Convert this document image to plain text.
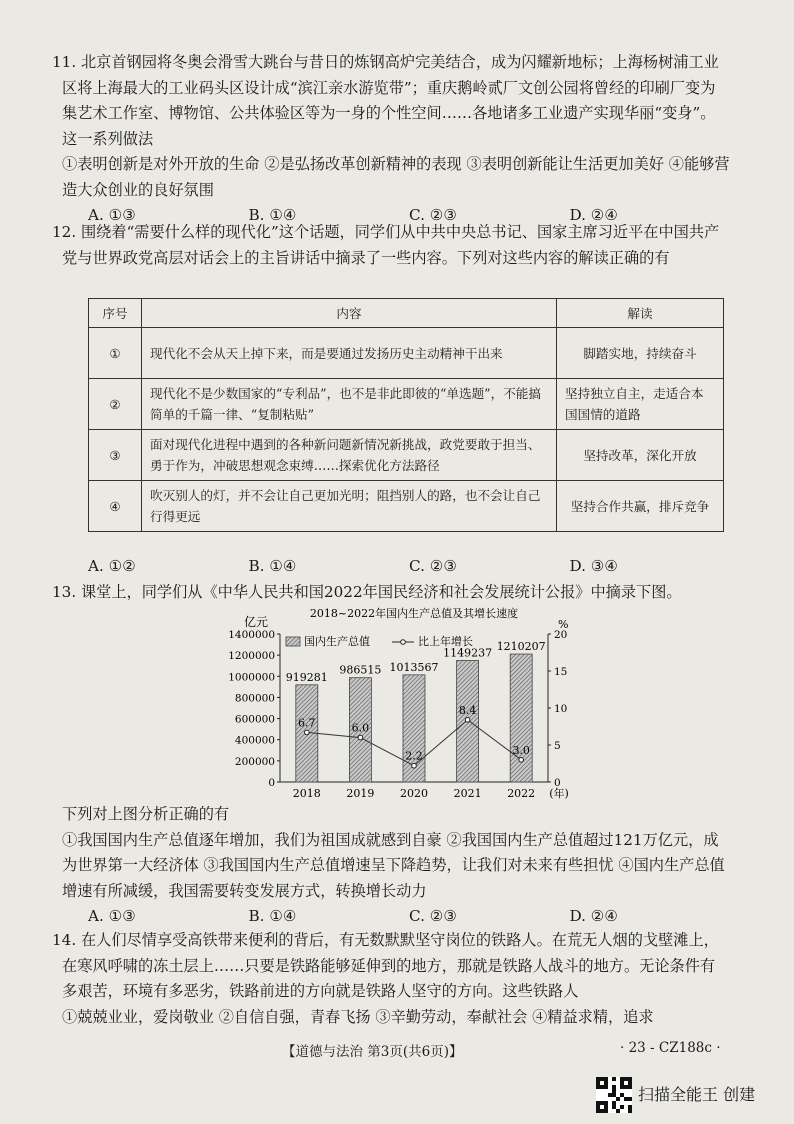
11. 北京首钢园将冬奥会滑雪大跳台与昔日的炼钢高炉完美结合，成为闪耀新地标；上海杨树浦工业区将上海最大的工业码头区设计成“滨江亲水游览带”；重庆鹅岭贰厂文创公园将曾经的印刷厂变为集艺术工作室、博物馆、公共体验区等为一身的个性空间……各地诸多工业遗产实现华丽“变身”。这一系列做法

①表明创新是对外开放的生命 ②是弘扬改革创新精神的表现 ③表明创新能让生活更加美好 ④能够营造大众创业的良好氛围

A. ①③	B. ①④	C. ②③	D. ②④

12. 围绕着“需要什么样的现代化”这个话题，同学们从中共中央总书记、国家主席习近平在中国共产党与世界政党高层对话会上的主旨讲话中摘录了一些内容。下列对这些内容的解读正确的有

序号	内容	解读
①	现代化不会从天上掉下来，而是要通过发扬历史主动精神干出来	脚踏实地，持续奋斗
②	现代化不是少数国家的“专利品”，也不是非此即彼的“单选题”，不能搞简单的千篇一律、“复制粘贴”	坚持独立自主，走适合本国国情的道路
③	面对现代化进程中遇到的各种新问题新情况新挑战，政党要敢于担当、勇于作为，冲破思想观念束缚……探索优化方法路径	坚持改革，深化开放
④	吹灭别人的灯，并不会让自己更加光明；阻挡别人的路，也不会让自己行得更远	坚持合作共赢，排斥竞争
A. ①②	B. ①④	C. ②③	D. ③④

13. 课堂上，同学们从《中华人民共和国2022年国民经济和社会发展统计公报》中摘录下图。

2018~2022年国内生产总值及其增长速度
亿元	%
0
200000
400000
600000
800000
1000000
1200000
1400000
0
5
10
15
20
919281
986515 1013567
1149237 1210207
2018 2019 2020 2021 2022 (年)
6.7	6.0
2.2
8.4
3.0
国内生产总值	比上年增长

下列对上图分析正确的有

①我国国内生产总值逐年增加，我们为祖国成就感到自豪 ②我国国内生产总值超过121万亿元，成为世界第一大经济体 ③我国国内生产总值增速呈下降趋势，让我们对未来有些担忧 ④国内生产总值增速有所减缓，我国需要转变发展方式，转换增长动力

A. ①③	B. ①④	C. ②③	D. ②④

14. 在人们尽情享受高铁带来便利的背后，有无数默默坚守岗位的铁路人。在荒无人烟的戈壁滩上，在寒风呼啸的冻土层上……只要是铁路能够延伸到的地方，那就是铁路人战斗的地方。无论条件有多艰苦，环境有多恶劣，铁路前进的方向就是铁路人坚守的方向。这些铁路人

①兢兢业业，爱岗敬业 ②自信自强，青春飞扬 ③辛勤劳动，奉献社会 ④精益求精，追求

【道德与法治 第3页(共6页)】	· 23 - CZ188c ·
扫描全能王 创建
